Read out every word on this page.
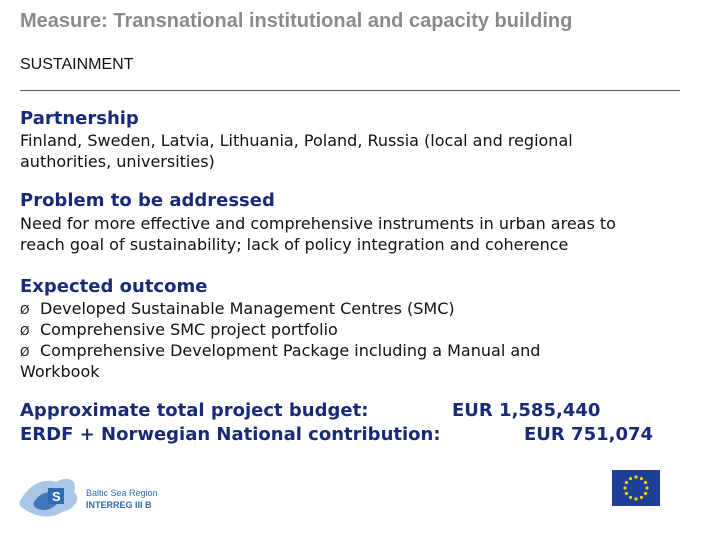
Measure: Transnational institutional and capacity building
SUSTAINMENT
Partnership
Finland, Sweden, Latvia, Lithuania, Poland, Russia (local and regional
authorities, universities)
Problem to be addressed
Need for more effective and comprehensive instruments in urban areas to
reach goal of sustainability; lack of policy integration and coherence
Expected outcome
Ø Developed Sustainable Management Centres (SMC)
Ø Comprehensive SMC project portfolio
Ø Comprehensive Development Package including a Manual and
Workbook
Approximate total project budget:	EUR 1,585,440
ERDF + Norwegian National contribution:	EUR 751,074
S	Baltic Sea Region
INTERREG III B
